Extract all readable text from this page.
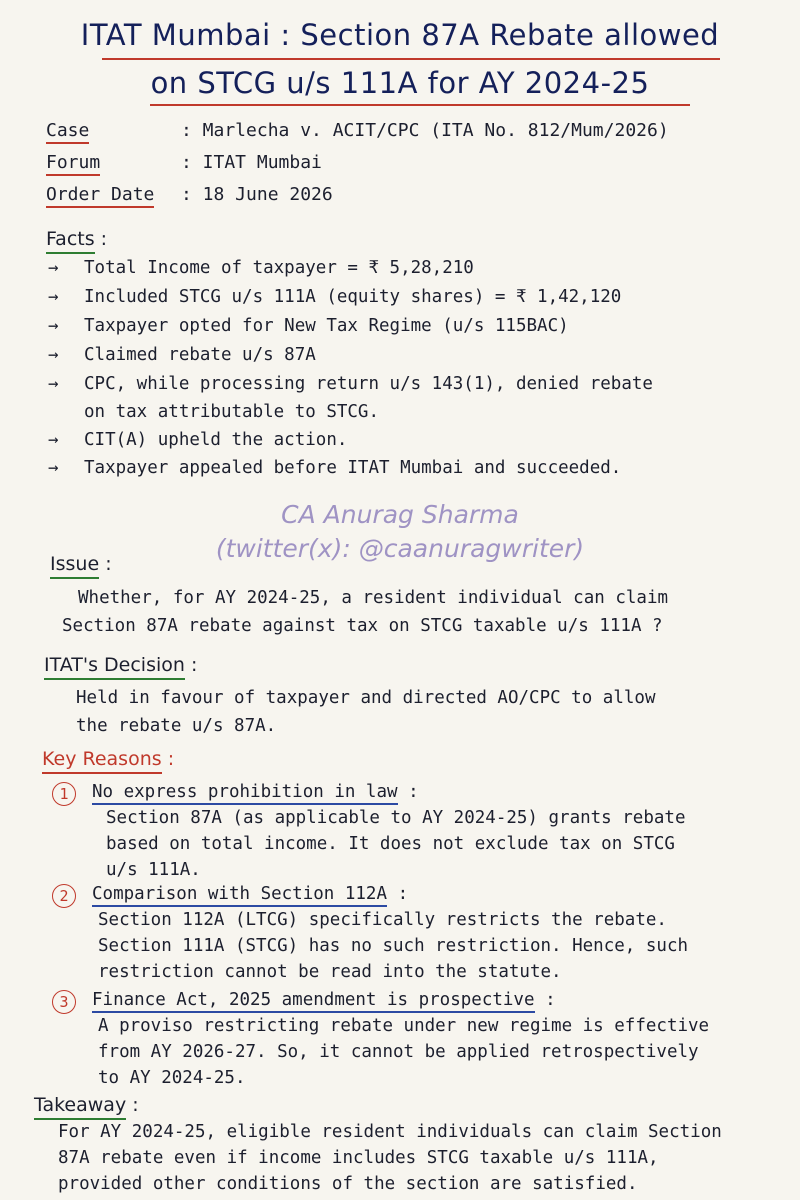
ITAT Mumbai : Section 87A Rebate allowed
on STCG u/s 111A for AY 2024-25
Case	: Marlecha v. ACIT/CPC (ITA No. 812/Mum/2026)
Forum	: ITAT Mumbai
Order Date : 18 June 2026
Facts :
→ Total Income of taxpayer = ₹ 5,28,210
→ Included STCG u/s 111A (equity shares) = ₹ 1,42,120
→ Taxpayer opted for New Tax Regime (u/s 115BAC)
→ Claimed rebate u/s 87A
→ CPC, while processing return u/s 143(1), denied rebate
on tax attributable to STCG.
→ CIT(A) upheld the action.
→ Taxpayer appealed before ITAT Mumbai and succeeded.
CA Anurag Sharma
(twitter(x): @caanuragwriter)
Issue :
Whether, for AY 2024-25, a resident individual can claim
Section 87A rebate against tax on STCG taxable u/s 111A ?
ITAT's Decision :
Held in favour of taxpayer and directed AO/CPC to allow
the rebate u/s 87A.
Key Reasons :
1	No express prohibition in law :
Section 87A (as applicable to AY 2024-25) grants rebate
based on total income. It does not exclude tax on STCG
u/s 111A.
2	Comparison with Section 112A :
Section 112A (LTCG) specifically restricts the rebate.
Section 111A (STCG) has no such restriction. Hence, such
restriction cannot be read into the statute.
3	Finance Act, 2025 amendment is prospective :
A proviso restricting rebate under new regime is effective
from AY 2026-27. So, it cannot be applied retrospectively
to AY 2024-25.
Takeaway :
For AY 2024-25, eligible resident individuals can claim Section
87A rebate even if income includes STCG taxable u/s 111A,
provided other conditions of the section are satisfied.
